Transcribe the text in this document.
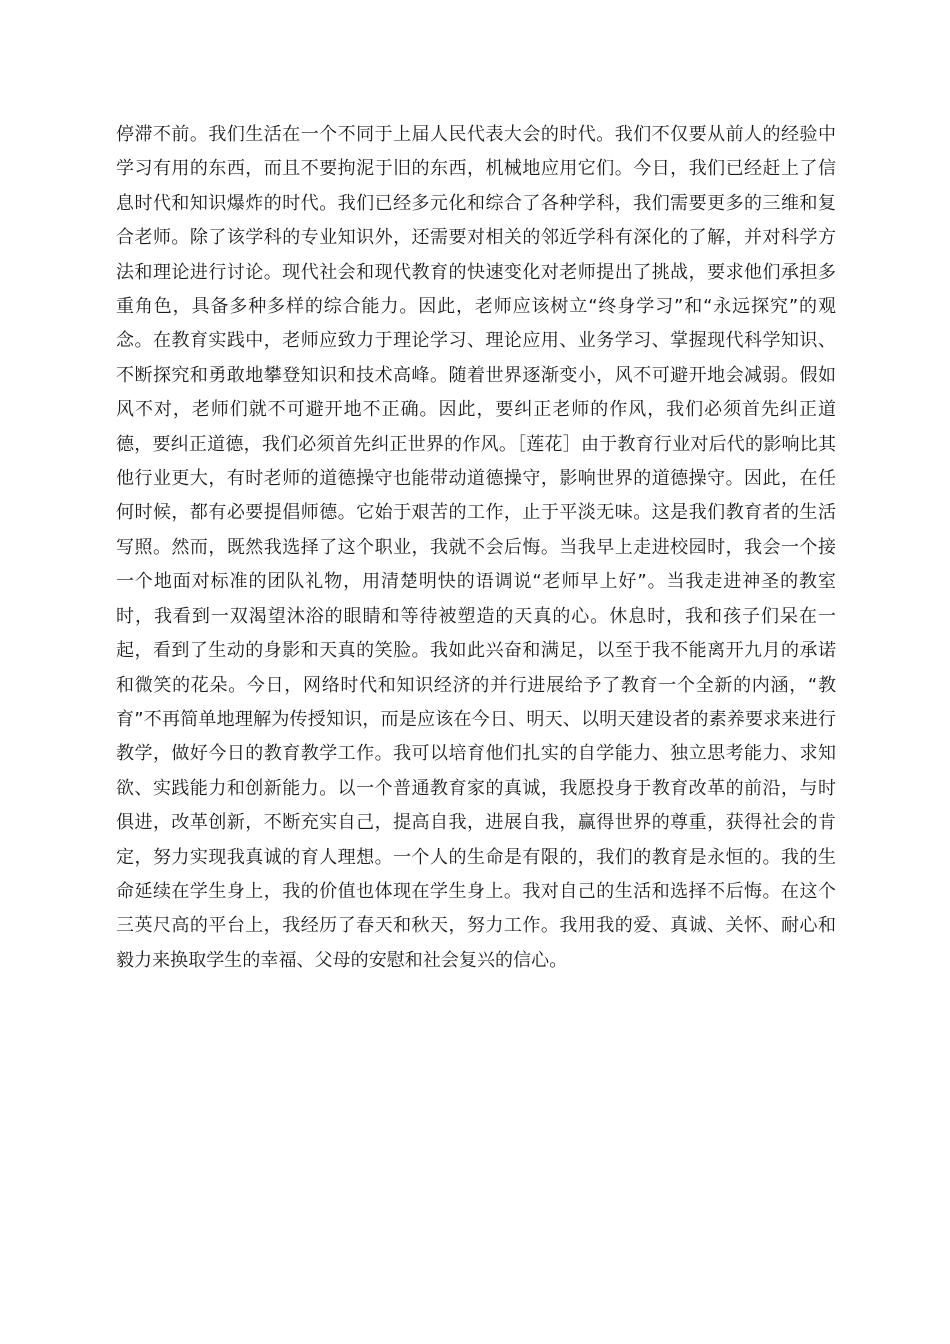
停滞不前。我们生活在一个不同于上届人民代表大会的时代。我们不仅要从前人的经验中学习有用的东西，而且不要拘泥于旧的东西，机械地应用它们。今日，我们已经赶上了信息时代和知识爆炸的时代。我们已经多元化和综合了各种学科，我们需要更多的三维和复合老师。除了该学科的专业知识外，还需要对相关的邻近学科有深化的了解，并对科学方法和理论进行讨论。现代社会和现代教育的快速变化对老师提出了挑战，要求他们承担多重角色，具备多种多样的综合能力。因此，老师应该树立“终身学习”和“永远探究”的观念。在教育实践中，老师应致力于理论学习、理论应用、业务学习、掌握现代科学知识、不断探究和勇敢地攀登知识和技术高峰。随着世界逐渐变小，风不可避开地会减弱。假如风不对，老师们就不可避开地不正确。因此，要纠正老师的作风，我们必须首先纠正道德，要纠正道德，我们必须首先纠正世界的作风。［莲花］由于教育行业对后代的影响比其他行业更大，有时老师的道德操守也能带动道德操守，影响世界的道德操守。因此，在任何时候，都有必要提倡师德。它始于艰苦的工作，止于平淡无味。这是我们教育者的生活写照。然而，既然我选择了这个职业，我就不会后悔。当我早上走进校园时，我会一个接一个地面对标准的团队礼物，用清楚明快的语调说“老师早上好”。当我走进神圣的教室时，我看到一双渴望沐浴的眼睛和等待被塑造的天真的心。休息时，我和孩子们呆在一起，看到了生动的身影和天真的笑脸。我如此兴奋和满足，以至于我不能离开九月的承诺和微笑的花朵。今日，网络时代和知识经济的并行进展给予了教育一个全新的内涵，“教育”不再简单地理解为传授知识，而是应该在今日、明天、以明天建设者的素养要求来进行教学，做好今日的教育教学工作。我可以培育他们扎实的自学能力、独立思考能力、求知欲、实践能力和创新能力。以一个普通教育家的真诚，我愿投身于教育改革的前沿，与时俱进，改革创新，不断充实自己，提高自我，进展自我，赢得世界的尊重，获得社会的肯定，努力实现我真诚的育人理想。一个人的生命是有限的，我们的教育是永恒的。我的生命延续在学生身上，我的价值也体现在学生身上。我对自己的生活和选择不后悔。在这个三英尺高的平台上，我经历了春天和秋天，努力工作。我用我的爱、真诚、关怀、耐心和毅力来换取学生的幸福、父母的安慰和社会复兴的信心。
